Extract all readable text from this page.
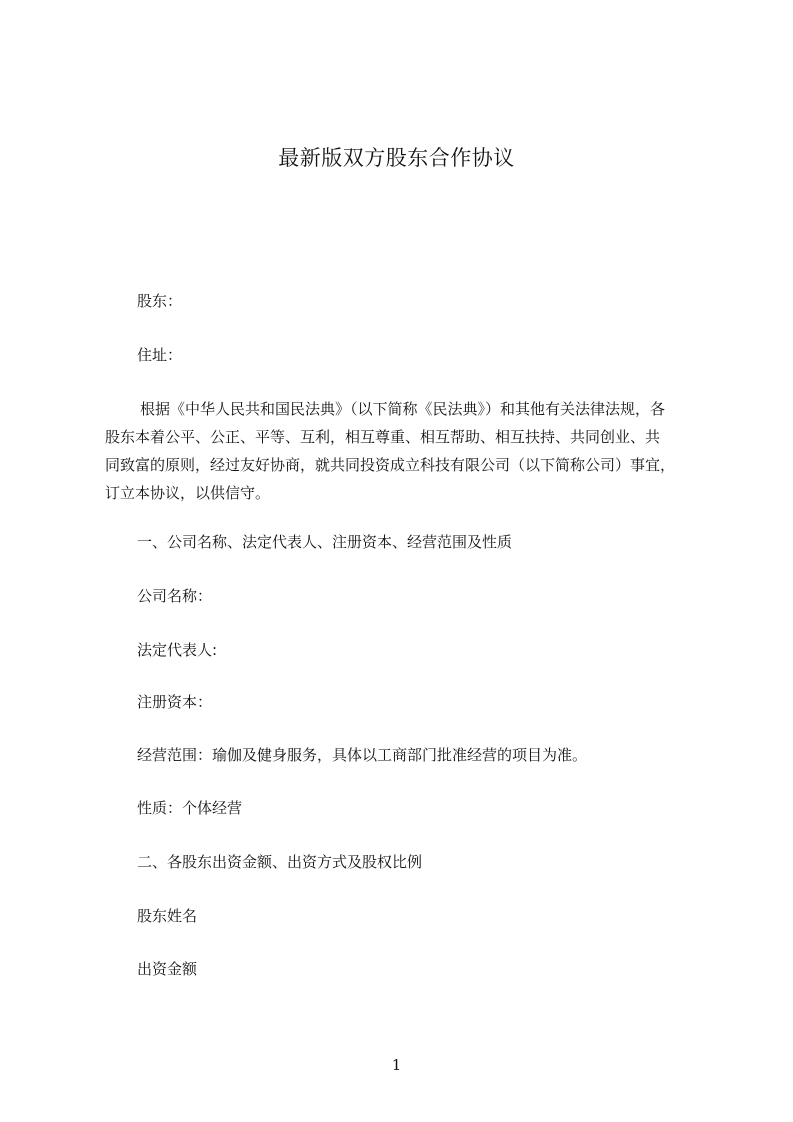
最新版双方股东合作协议
股东：
住址：
根据《中华人民共和国民法典》（以下简称《民法典》）和其他有关法律法规，各
股东本着公平、公正、平等、互利，相互尊重、相互帮助、相互扶持、共同创业、共
同致富的原则，经过友好协商，就共同投资成立科技有限公司（以下简称公司）事宜，
订立本协议，以供信守。
一、公司名称、法定代表人、注册资本、经营范围及性质
公司名称：
法定代表人:
注册资本：
经营范围：瑜伽及健身服务，具体以工商部门批准经营的项目为准。
性质：个体经营
二、各股东出资金额、出资方式及股权比例
股东姓名
出资金额
1
